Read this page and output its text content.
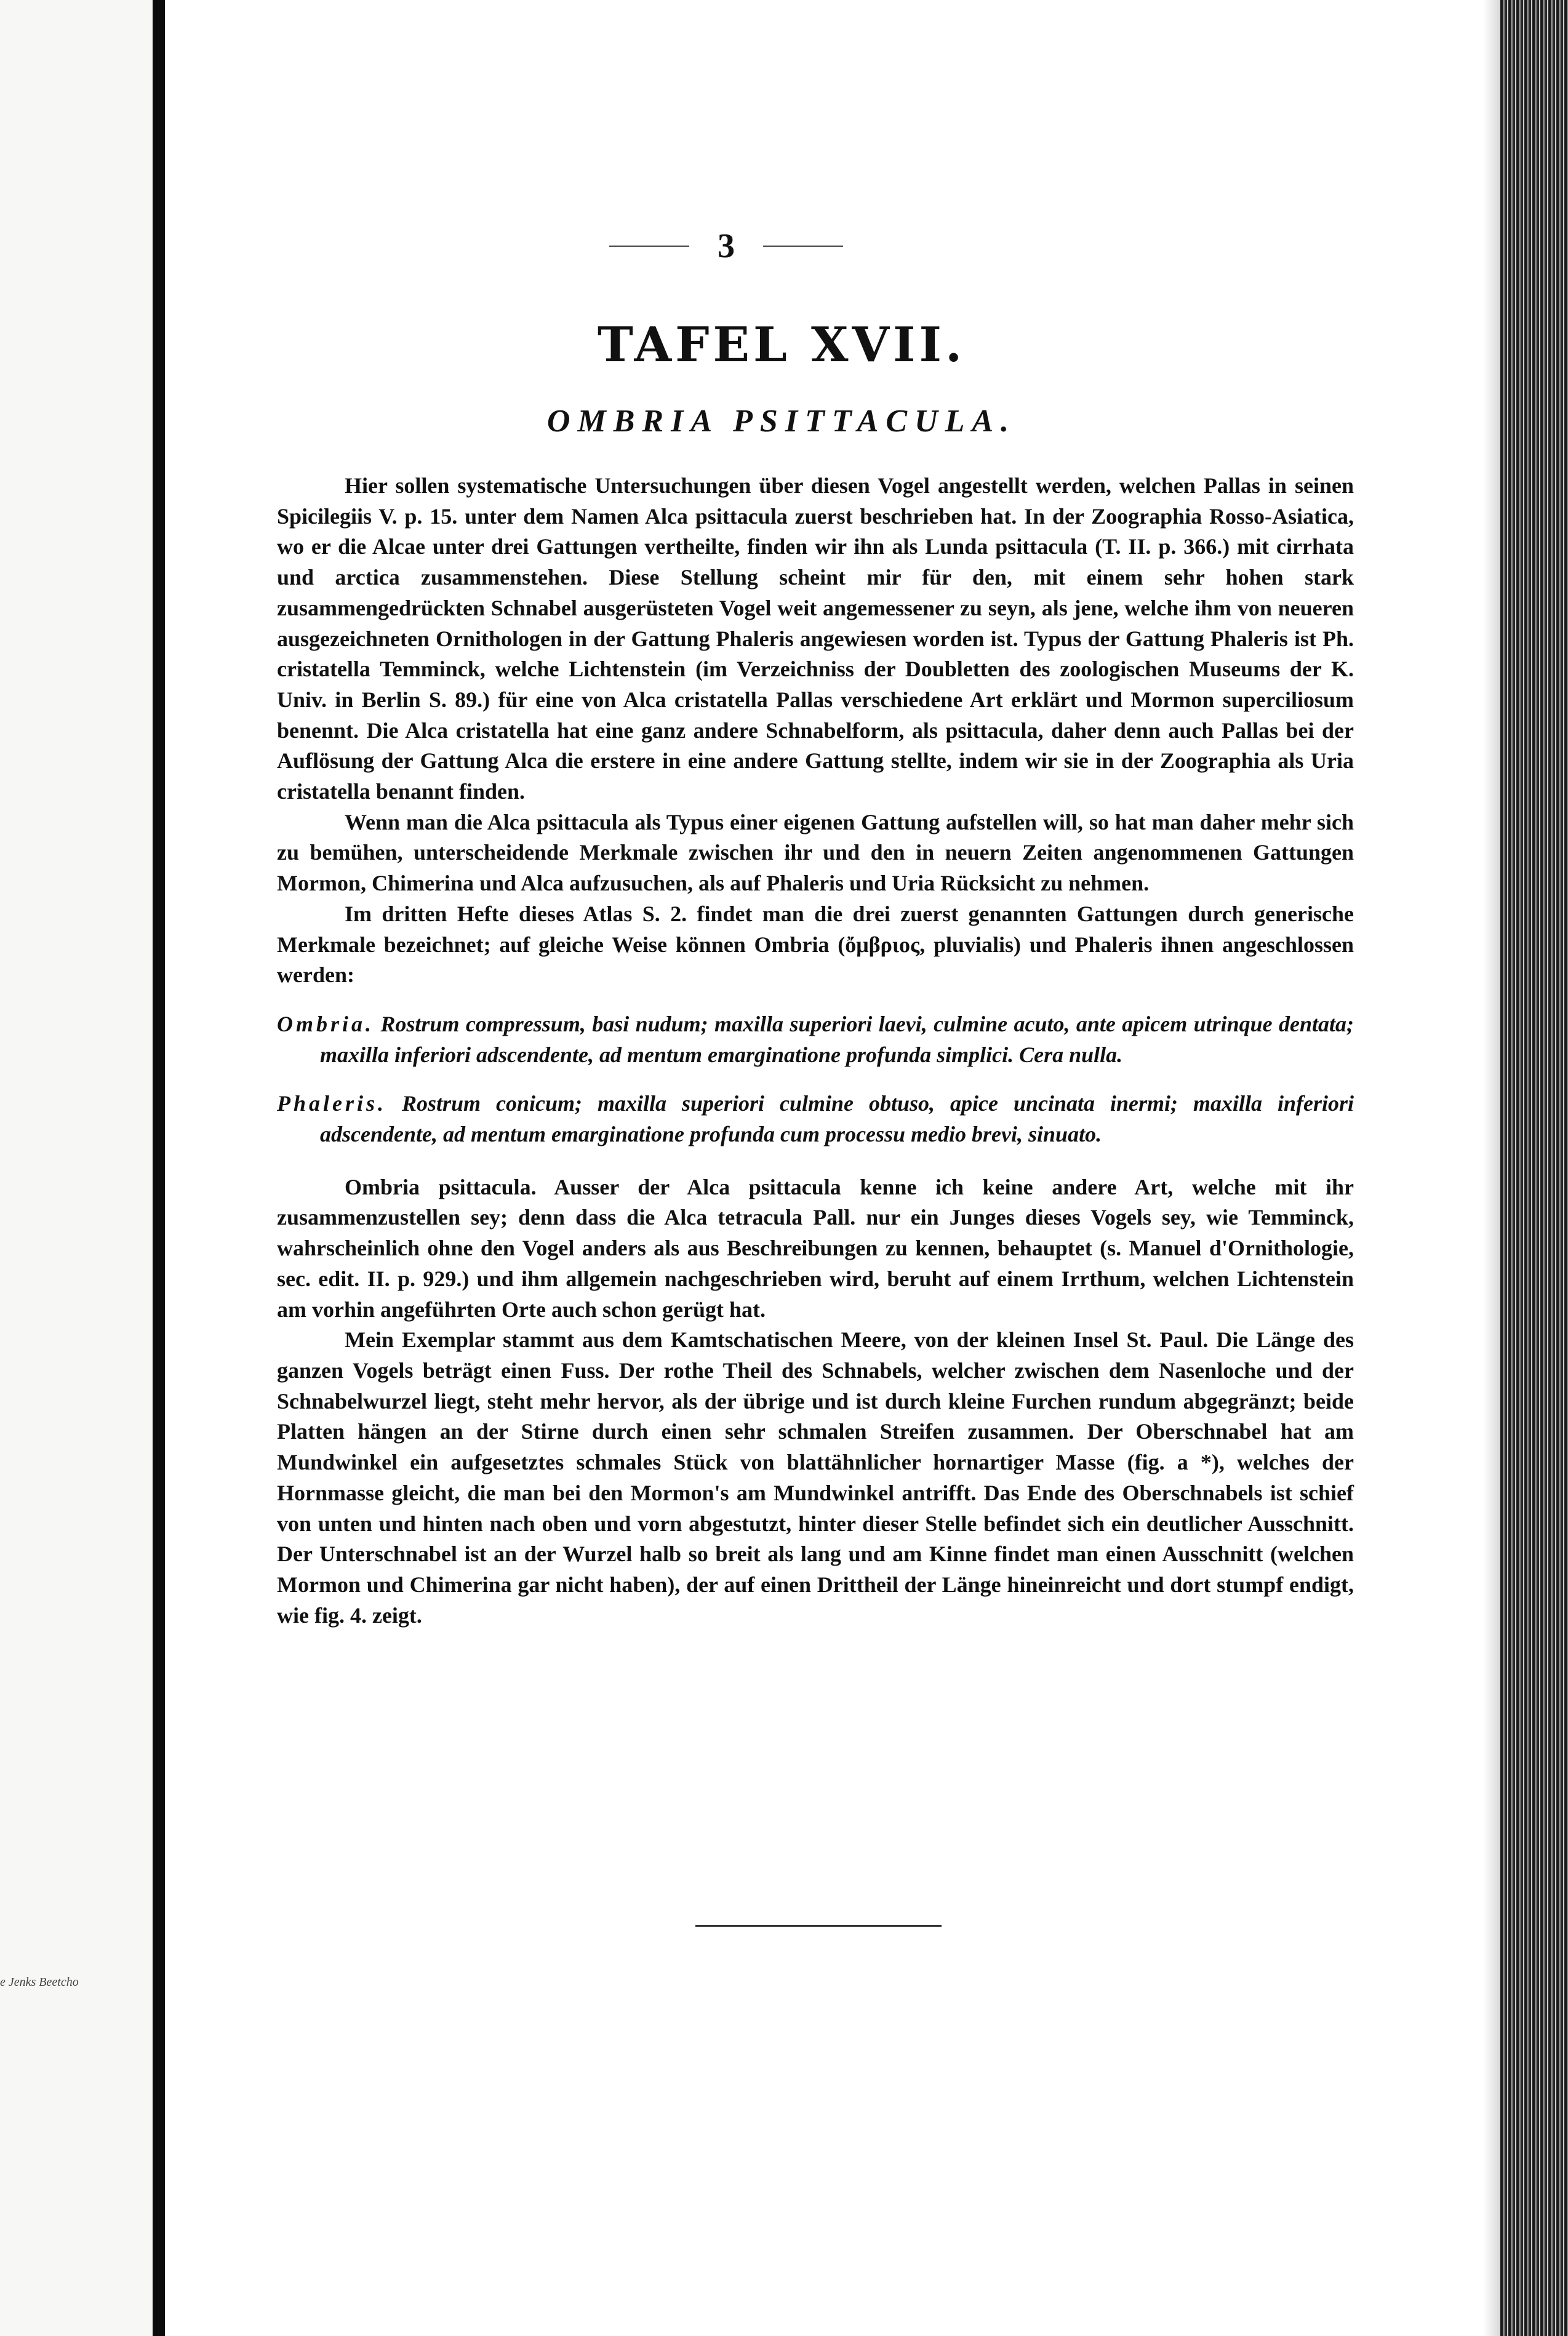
e Jenks Beetcho
3
TAFEL XVII.
OMBRIA PSITTACULA.

Hier sollen systematische Untersuchungen über diesen Vogel angestellt werden, welchen Pallas in seinen Spicilegiis V. p. 15. unter dem Namen Alca psittacula zuerst beschrieben hat. In der Zoographia Rosso-Asiatica, wo er die Alcae unter drei Gattungen vertheilte, finden wir ihn als Lunda psittacula (T. II. p. 366.) mit cirrhata und arctica zusammenstehen. Diese Stellung scheint mir für den, mit einem sehr hohen stark zusammengedrückten Schnabel ausgerüsteten Vogel weit angemessener zu seyn, als jene, welche ihm von neueren ausgezeichneten Ornithologen in der Gattung Phaleris angewiesen worden ist. Typus der Gattung Phaleris ist Ph. cristatella Temminck, welche Lichtenstein (im Verzeichniss der Doubletten des zoologischen Museums der K. Univ. in Berlin S. 89.) für eine von Alca cristatella Pallas verschiedene Art erklärt und Mormon superciliosum benennt. Die Alca cristatella hat eine ganz andere Schnabelform, als psittacula, daher denn auch Pallas bei der Auflösung der Gattung Alca die erstere in eine andere Gattung stellte, indem wir sie in der Zoographia als Uria cristatella benannt finden.

Wenn man die Alca psittacula als Typus einer eigenen Gattung aufstellen will, so hat man daher mehr sich zu bemühen, unterscheidende Merkmale zwischen ihr und den in neuern Zeiten angenommenen Gattungen Mormon, Chimerina und Alca aufzusuchen, als auf Phaleris und Uria Rücksicht zu nehmen.

Im dritten Hefte dieses Atlas S. 2. findet man die drei zuerst genannten Gattungen durch generische Merkmale bezeichnet; auf gleiche Weise können Ombria (ὄμβριος, pluvialis) und Phaleris ihnen angeschlossen werden:

Ombria. Rostrum compressum, basi nudum; maxilla superiori laevi, culmine acuto, ante apicem utrinque dentata; maxilla inferiori adscendente, ad mentum emarginatione profunda simplici. Cera nulla.

Phaleris. Rostrum conicum; maxilla superiori culmine obtuso, apice uncinata inermi; maxilla inferiori adscendente, ad mentum emarginatione profunda cum processu medio brevi, sinuato.

Ombria psittacula. Ausser der Alca psittacula kenne ich keine andere Art, welche mit ihr zusammenzustellen sey; denn dass die Alca tetracula Pall. nur ein Junges dieses Vogels sey, wie Temminck, wahrscheinlich ohne den Vogel anders als aus Beschreibungen zu kennen, behauptet (s. Manuel d'Ornithologie, sec. edit. II. p. 929.) und ihm allgemein nachgeschrieben wird, beruht auf einem Irrthum, welchen Lichtenstein am vorhin angeführten Orte auch schon gerügt hat.

Mein Exemplar stammt aus dem Kamtschatischen Meere, von der kleinen Insel St. Paul. Die Länge des ganzen Vogels beträgt einen Fuss. Der rothe Theil des Schnabels, welcher zwischen dem Nasenloche und der Schnabelwurzel liegt, steht mehr hervor, als der übrige und ist durch kleine Furchen rundum abgegränzt; beide Platten hängen an der Stirne durch einen sehr schmalen Streifen zusammen. Der Oberschnabel hat am Mundwinkel ein aufgesetztes schmales Stück von blattähnlicher hornartiger Masse (fig. a *), welches der Hornmasse gleicht, die man bei den Mormon's am Mundwinkel antrifft. Das Ende des Oberschnabels ist schief von unten und hinten nach oben und vorn abgestutzt, hinter dieser Stelle befindet sich ein deutlicher Ausschnitt. Der Unterschnabel ist an der Wurzel halb so breit als lang und am Kinne findet man einen Ausschnitt (welchen Mormon und Chimerina gar nicht haben), der auf einen Drittheil der Länge hineinreicht und dort stumpf endigt, wie fig. 4. zeigt.
